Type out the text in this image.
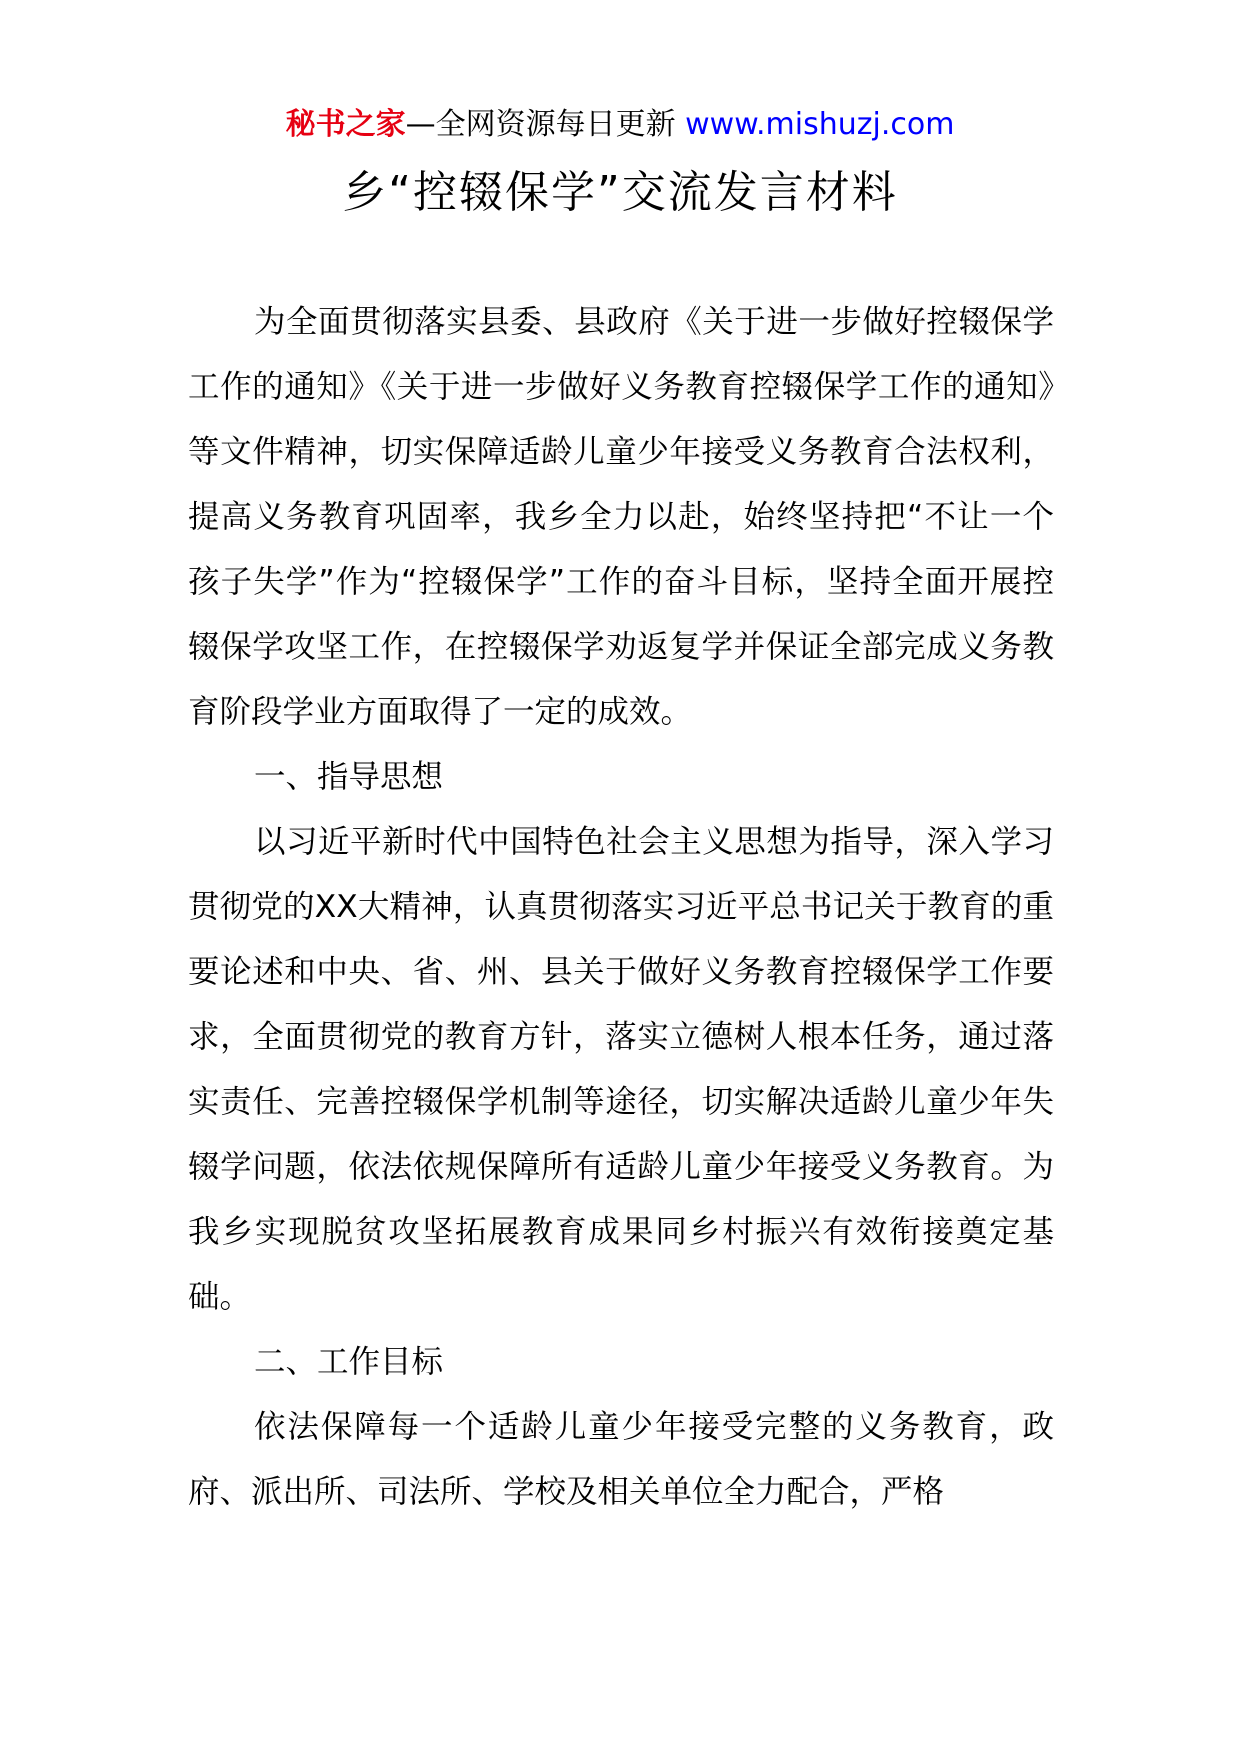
秘书之家—全网资源每日更新 www.mishuzj.com
乡“控辍保学”交流发言材料

为全面贯彻落实县委、县政府《关于进一步做好控辍保学工作的通知》《关于进一步做好义务教育控辍保学工作的通知》等文件精神，切实保障适龄儿童少年接受义务教育合法权利，提高义务教育巩固率，我乡全力以赴，始终坚持把“不让一个孩子失学”作为“控辍保学”工作的奋斗目标，坚持全面开展控辍保学攻坚工作，在控辍保学劝返复学并保证全部完成义务教育阶段学业方面取得了一定的成效。

一、指导思想

以习近平新时代中国特色社会主义思想为指导，深入学习贯彻党的XX大精神，认真贯彻落实习近平总书记关于教育的重要论述和中央、省、州、县关于做好义务教育控辍保学工作要求，全面贯彻党的教育方针，落实立德树人根本任务，通过落实责任、完善控辍保学机制等途径，切实解决适龄儿童少年失辍学问题，依法依规保障所有适龄儿童少年接受义务教育。为我乡实现脱贫攻坚拓展教育成果同乡村振兴有效衔接奠定基础。

二、工作目标

依法保障每一个适龄儿童少年接受完整的义务教育，政府、派出所、司法所、学校及相关单位全力配合，严格
